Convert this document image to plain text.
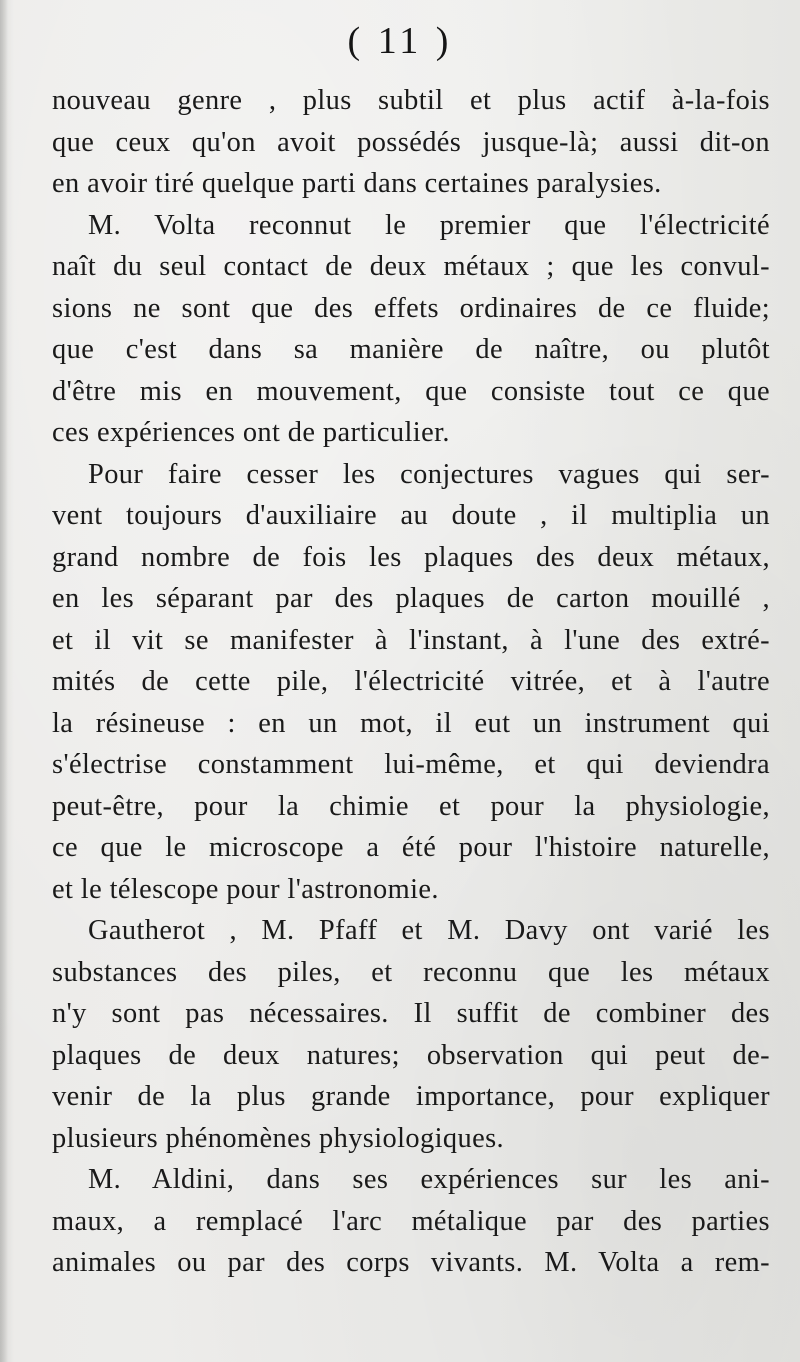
( 11 )
nouveau genre , plus subtil et plus actif à-la-fois
que ceux qu'on avoit possédés jusque-là; aussi dit-on
en avoir tiré quelque parti dans certaines paralysies.
M. Volta reconnut le premier que l'électricité
naît du seul contact de deux métaux ; que les convul-
sions ne sont que des effets ordinaires de ce fluide;
que c'est dans sa manière de naître, ou plutôt
d'être mis en mouvement, que consiste tout ce que
ces expériences ont de particulier.
Pour faire cesser les conjectures vagues qui ser-
vent toujours d'auxiliaire au doute , il multiplia un
grand nombre de fois les plaques des deux métaux,
en les séparant par des plaques de carton mouillé ,
et il vit se manifester à l'instant, à l'une des extré-
mités de cette pile, l'électricité vitrée, et à l'autre
la résineuse : en un mot, il eut un instrument qui
s'électrise constamment lui-même, et qui deviendra
peut-être, pour la chimie et pour la physiologie,
ce que le microscope a été pour l'histoire naturelle,
et le télescope pour l'astronomie.
Gautherot , M. Pfaff et M. Davy ont varié les
substances des piles, et reconnu que les métaux
n'y sont pas nécessaires. Il suffit de combiner des
plaques de deux natures; observation qui peut de-
venir de la plus grande importance, pour expliquer
plusieurs phénomènes physiologiques.
M. Aldini, dans ses expériences sur les ani-
maux, a remplacé l'arc métalique par des parties
animales ou par des corps vivants. M. Volta a rem-
